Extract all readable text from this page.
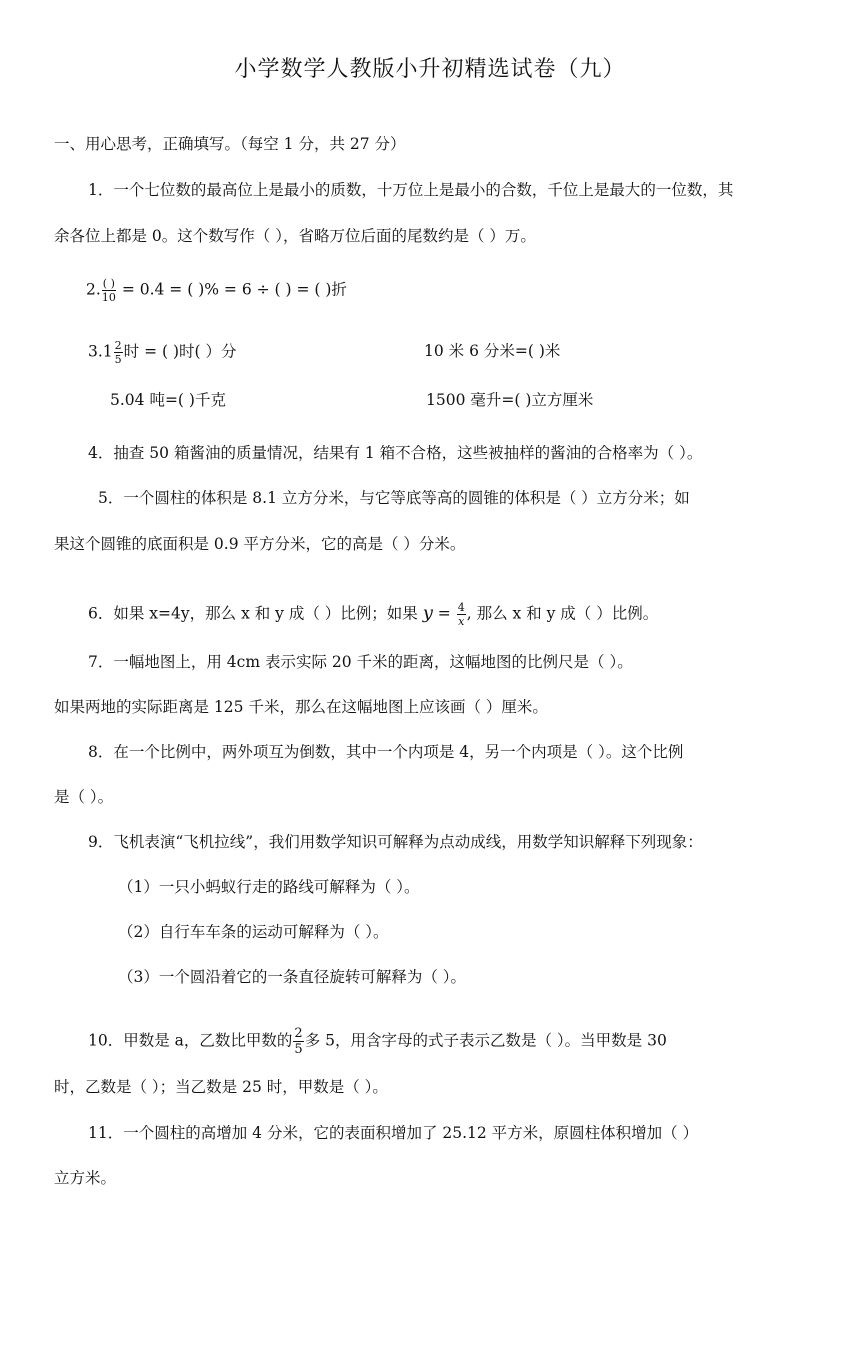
小学数学人教版小升初精选试卷（九）
一、用心思考，正确填写。（每空 1 分，共 27 分）
1．一个七位数的最高位上是最小的质数，十万位上是最小的合数，千位上是最大的一位数，其
余各位上都是 0。这个数写作（ ），省略万位后面的尾数约是（ ）万。
2. $\frac{( )}{10} = 0.4$ = ( )% = 6 ÷ ( ) = ( )折
$3.1 \frac{2}{5}$ 时 = ( )时( ）分	10 米 6 分米=( )米
5.04 吨=( )千克	1500 毫升=( )立方厘米
4．抽查 50 箱酱油的质量情况，结果有 1 箱不合格，这些被抽样的酱油的合格率为（ ）。
5．一个圆柱的体积是 8.1 立方分米，与它等底等高的圆锥的体积是（ ）立方分米；如
果这个圆锥的底面积是 0.9 平方分米，它的高是（ ）分米。
6．如果 x=4y，那么 x 和 y 成（ ）比例；如果 $y = \frac{4}{x}$ , 那么 x 和 y 成（ ）比例。
7．一幅地图上，用 4cm 表示实际 20 千米的距离，这幅地图的比例尺是（ ）。
如果两地的实际距离是 125 千米，那么在这幅地图上应该画（ ）厘米。
8．在一个比例中，两外项互为倒数，其中一个内项是 4，另一个内项是（ ）。这个比例
是（ ）。
9．飞机表演“飞机拉线”，我们用数学知识可解释为点动成线，用数学知识解释下列现象：
（1）一只小蚂蚁行走的路线可解释为（ ）。
（2）自行车车条的运动可解释为（ ）。
（3）一个圆沿着它的一条直径旋转可解释为（ ）。
10．甲数是 a，乙数比甲数的 $\frac{2}{5}$ 多 5，用含字母的式子表示乙数是（ ）。当甲数是 30
时，乙数是（ ）；当乙数是 25 时，甲数是（ ）。
11．一个圆柱的高增加 4 分米，它的表面积增加了 25.12 平方米，原圆柱体积增加（ ）
立方米。
